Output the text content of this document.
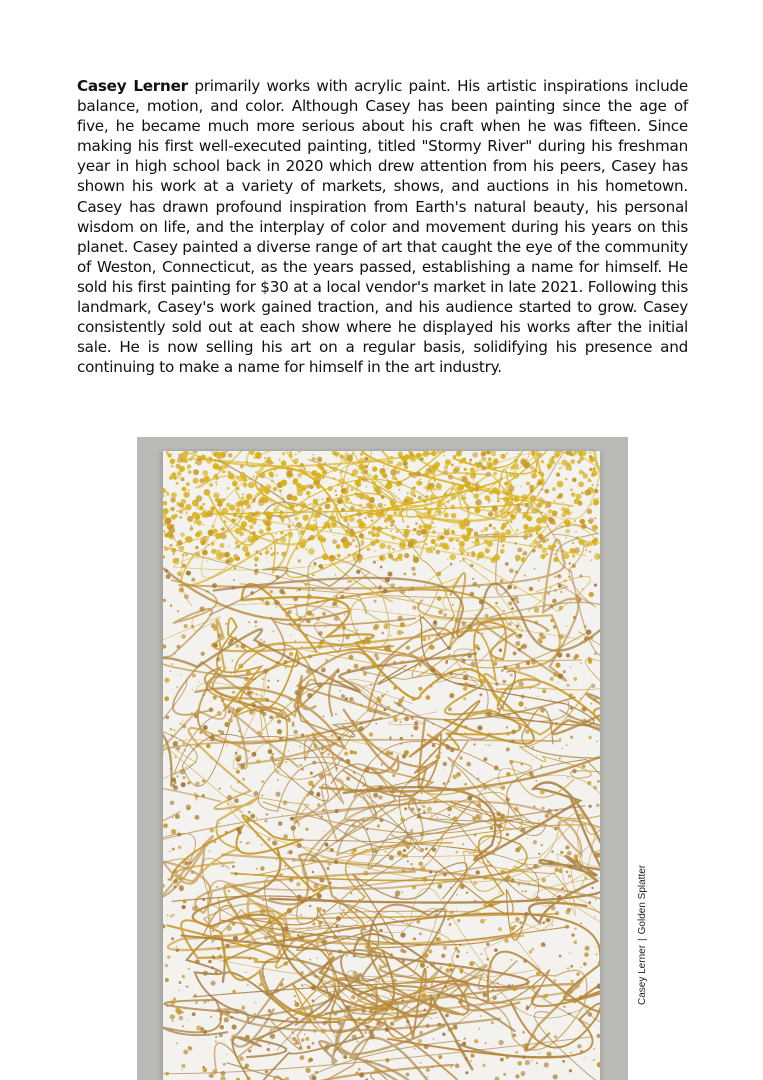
Casey Lerner primarily works with acrylic paint. His artistic inspirations include balance, motion, and color. Although Casey has been painting since the age of five, he became much more serious about his craft when he was fifteen. Since making his first well-executed painting, titled "Stormy River" during his freshman year in high school back in 2020 which drew attention from his peers, Casey has shown his work at a variety of markets, shows, and auctions in his hometown. Casey has drawn profound inspiration from Earth's natural beauty, his personal wisdom on life, and the interplay of color and movement during his years on this planet. Casey painted a diverse range of art that caught the eye of the community of Weston, Connecticut, as the years passed, establishing a name for himself. He sold his first painting for $30 at a local vendor's market in late 2021. Following this landmark, Casey's work gained traction, and his audience started to grow. Casey consistently sold out at each show where he displayed his works after the initial sale. He is now selling his art on a regular basis, solidifying his presence and continuing to make a name for himself in the art industry.

Casey Lerner|Golden Splatter
